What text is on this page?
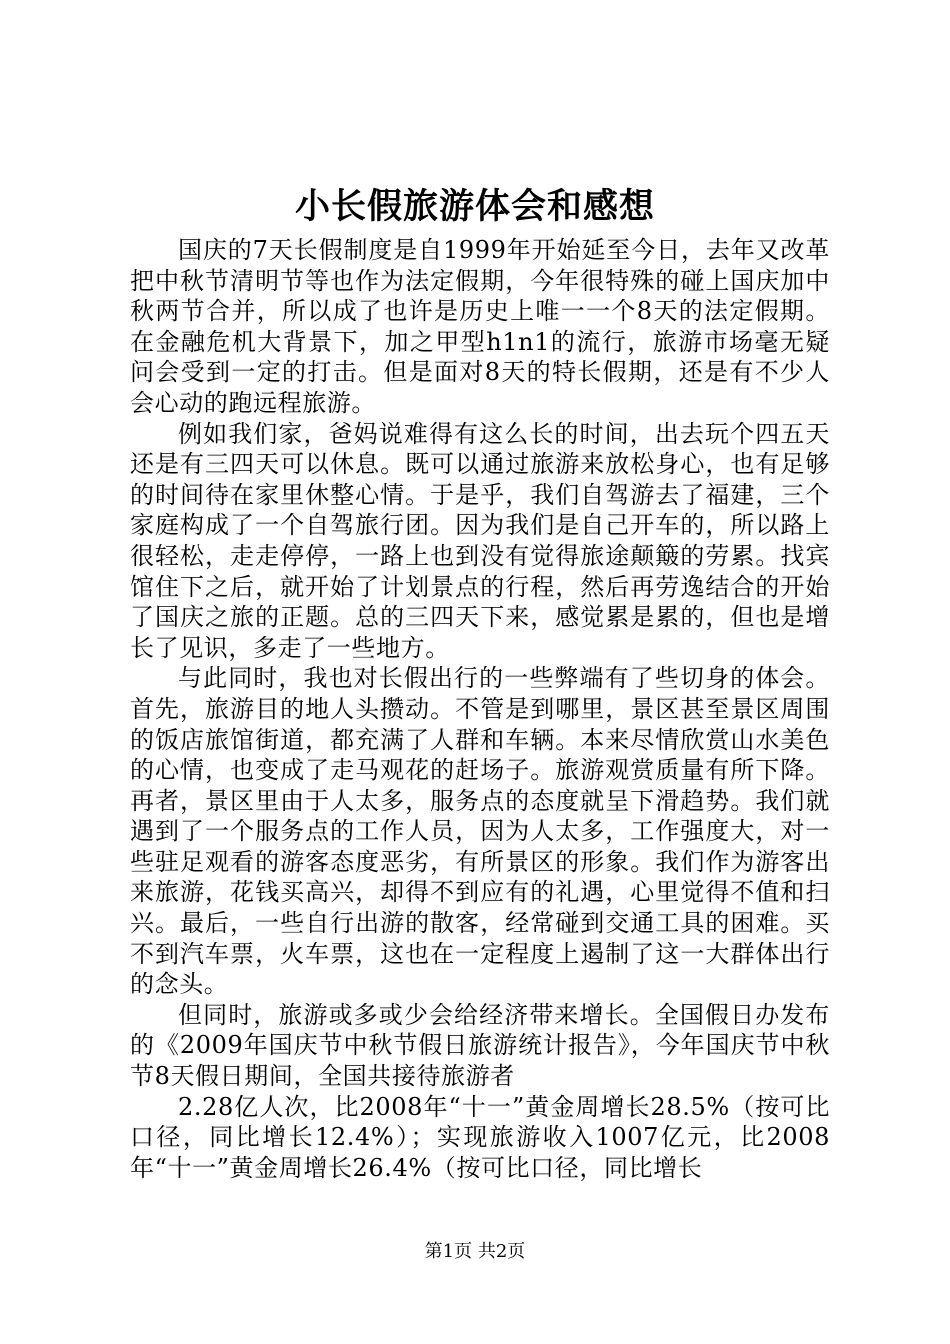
小长假旅游体会和感想

国庆的7天长假制度是自1999年开始延至今日，去年又改革把中秋节清明节等也作为法定假期，今年很特殊的碰上国庆加中秋两节合并，所以成了也许是历史上唯一一个8天的法定假期。在金融危机大背景下，加之甲型h1n1的流行，旅游市场毫无疑问会受到一定的打击。但是面对8天的特长假期，还是有不少人会心动的跑远程旅游。

例如我们家，爸妈说难得有这么长的时间，出去玩个四五天还是有三四天可以休息。既可以通过旅游来放松身心，也有足够的时间待在家里休整心情。于是乎，我们自驾游去了福建，三个家庭构成了一个自驾旅行团。因为我们是自己开车的，所以路上很轻松，走走停停，一路上也到没有觉得旅途颠簸的劳累。找宾馆住下之后，就开始了计划景点的行程，然后再劳逸结合的开始了国庆之旅的正题。总的三四天下来，感觉累是累的，但也是增长了见识，多走了一些地方。

与此同时，我也对长假出行的一些弊端有了些切身的体会。首先，旅游目的地人头攒动。不管是到哪里，景区甚至景区周围的饭店旅馆街道，都充满了人群和车辆。本来尽情欣赏山水美色的心情，也变成了走马观花的赶场子。旅游观赏质量有所下降。再者，景区里由于人太多，服务点的态度就呈下滑趋势。我们就遇到了一个服务点的工作人员，因为人太多，工作强度大，对一些驻足观看的游客态度恶劣，有所景区的形象。我们作为游客出来旅游，花钱买高兴，却得不到应有的礼遇，心里觉得不值和扫兴。最后，一些自行出游的散客，经常碰到交通工具的困难。买不到汽车票，火车票，这也在一定程度上遏制了这一大群体出行的念头。

但同时，旅游或多或少会给经济带来增长。全国假日办发布的《2009年国庆节中秋节假日旅游统计报告》，今年国庆节中秋节8天假日期间，全国共接待旅游者

2.28亿人次，比2008年“十一”黄金周增长28.5%（按可比口径，同比增长12.4%）；实现旅游收入1007亿元，比2008年“十一”黄金周增长26.4%（按可比口径，同比增长

第1页 共2页
